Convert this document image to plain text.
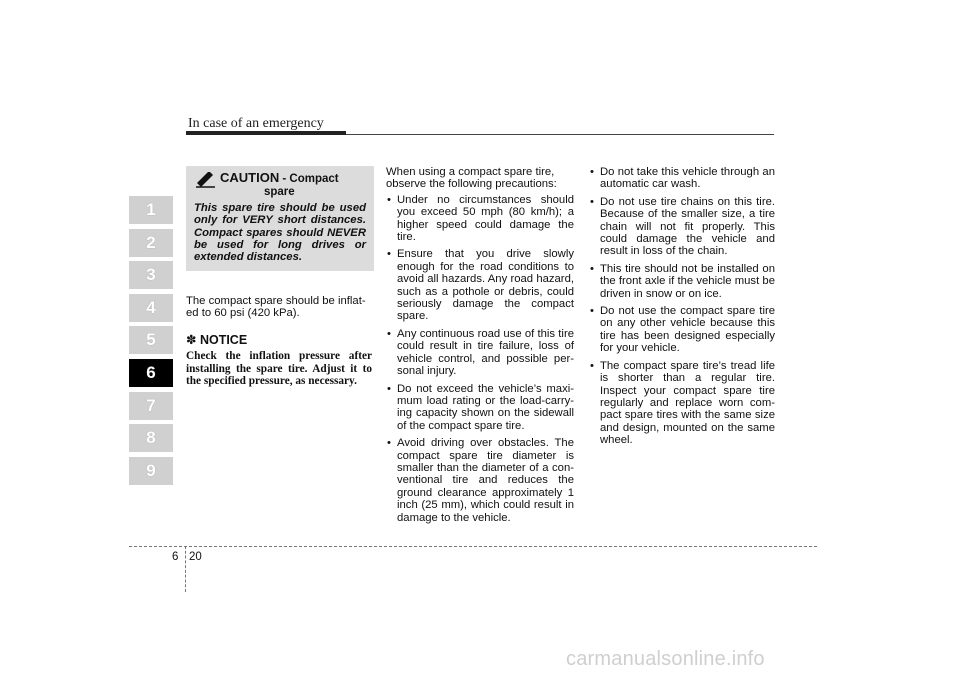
In case of an emergency
1
2
3
4
5
6
7
8
9
CAUTION - Compact
spare
This spare tire should be used only for VERY short distances. Compact spares should NEVER be used for long drives or extended distances.

The compact spare should be inflat-ed to 60 psi (420 kPa).

✽ NOTICE
Check the inflation pressure after installing the spare tire. Adjust it to the specified pressure, as necessary.

When using a compact spare tire, observe the following precautions:

• Under no circumstances should you exceed 50 mph (80 km/h); a higher speed could damage the tire.
• Ensure that you drive slowly enough for the road conditions to avoid all hazards. Any road hazard, such as a pothole or debris, could seriously damage the compact spare.
• Any continuous road use of this tire could result in tire failure, loss of vehicle control, and possible per-sonal injury.
• Do not exceed the vehicle’s maxi-mum load rating or the load-carry-ing capacity shown on the sidewall of the compact spare tire.
• Avoid driving over obstacles. The compact spare tire diameter is smaller than the diameter of a con-ventional tire and reduces the ground clearance approximately 1 inch (25 mm), which could result in damage to the vehicle.
• Do not take this vehicle through an automatic car wash.
• Do not use tire chains on this tire. Because of the smaller size, a tire chain will not fit properly. This could damage the vehicle and result in loss of the chain.
• This tire should not be installed on the front axle if the vehicle must be driven in snow or on ice.
• Do not use the compact spare tire on any other vehicle because this tire has been designed especially for your vehicle.
• The compact spare tire’s tread life is shorter than a regular tire. Inspect your compact spare tire regularly and replace worn com-pact spare tires with the same size and design, mounted on the same wheel.
6 20
carmanualsonline.info
